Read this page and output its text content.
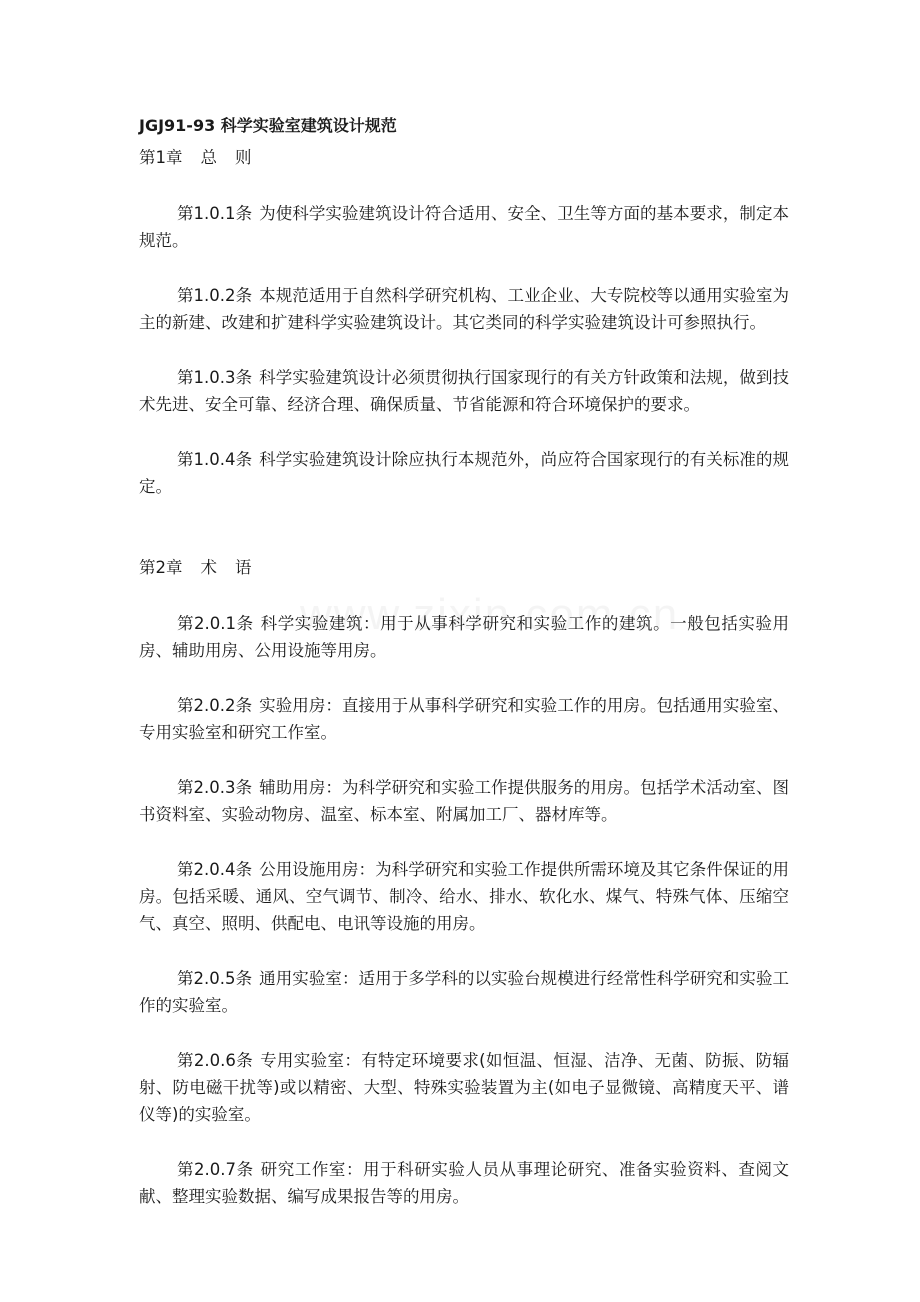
JGJ91-93 科学实验室建筑设计规范
第1章 总 则

第1.0.1条 为使科学实验建筑设计符合适用、安全、卫生等方面的基本要求，制定本规范。

第1.0.2条 本规范适用于自然科学研究机构、工业企业、大专院校等以通用实验室为主的新建、改建和扩建科学实验建筑设计。其它类同的科学实验建筑设计可参照执行。

第1.0.3条 科学实验建筑设计必须贯彻执行国家现行的有关方针政策和法规，做到技术先进、安全可靠、经济合理、确保质量、节省能源和符合环境保护的要求。

第1.0.4条 科学实验建筑设计除应执行本规范外，尚应符合国家现行的有关标准的规定。

第2章 术 语

第2.0.1条 科学实验建筑：用于从事科学研究和实验工作的建筑。一般包括实验用房、辅助用房、公用设施等用房。

第2.0.2条 实验用房：直接用于从事科学研究和实验工作的用房。包括通用实验室、专用实验室和研究工作室。

第2.0.3条 辅助用房：为科学研究和实验工作提供服务的用房。包括学术活动室、图书资料室、实验动物房、温室、标本室、附属加工厂、器材库等。

第2.0.4条 公用设施用房：为科学研究和实验工作提供所需环境及其它条件保证的用房。包括采暖、通风、空气调节、制冷、给水、排水、软化水、煤气、特殊气体、压缩空气、真空、照明、供配电、电讯等设施的用房。

第2.0.5条 通用实验室：适用于多学科的以实验台规模进行经常性科学研究和实验工作的实验室。

第2.0.6条 专用实验室：有特定环境要求(如恒温、恒湿、洁净、无菌、防振、防辐射、防电磁干扰等)或以精密、大型、特殊实验装置为主(如电子显微镜、高精度天平、谱仪等)的实验室。

第2.0.7条 研究工作室：用于科研实验人员从事理论研究、准备实验资料、查阅文献、整理实验数据、编写成果报告等的用房。
